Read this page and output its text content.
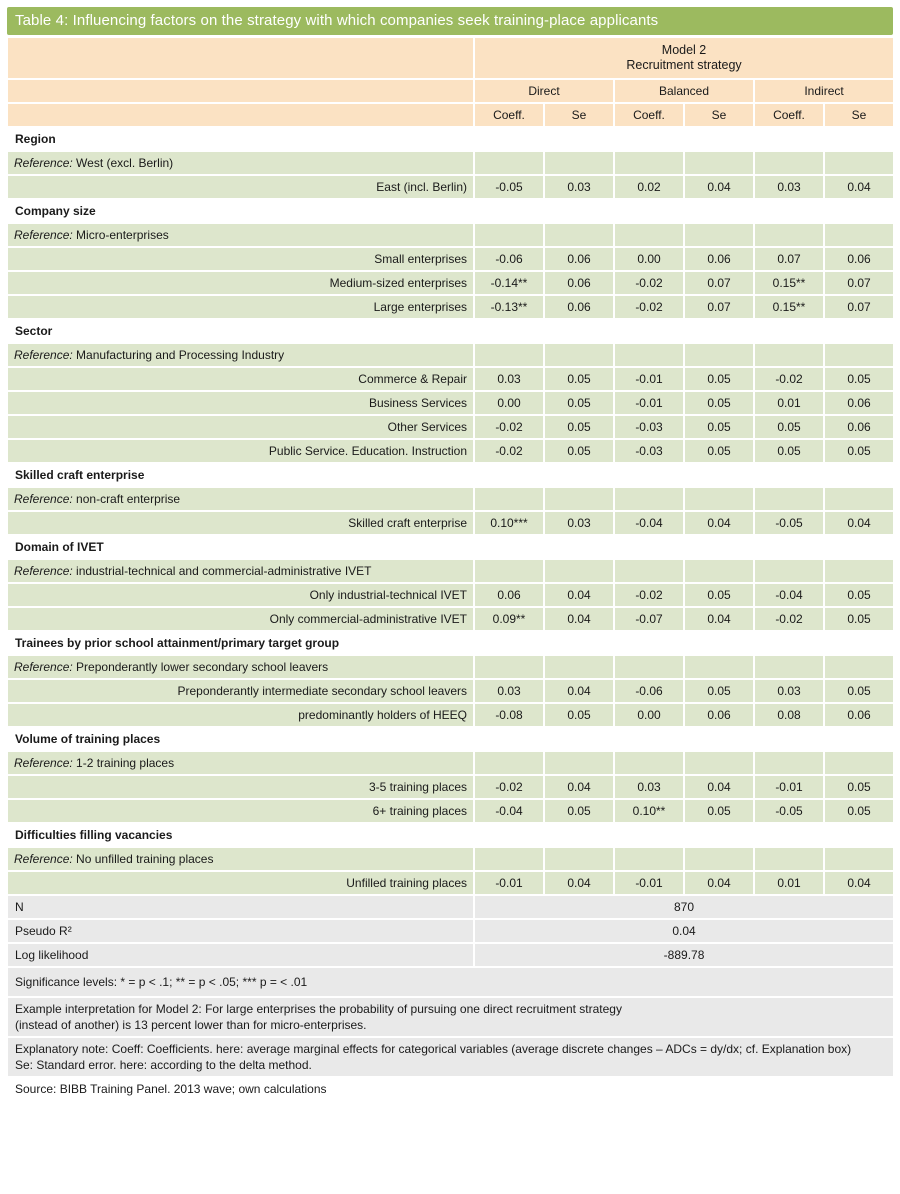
Table 4: Influencing factors on the strategy with which companies seek training-place applicants

	Model 2
Recruitment strategy					

	Direct		Balanced		Indirect	
	Coeff.	Se	Coeff.	Se	Coeff.	Se
Region						
Reference: West (excl. Berlin)						
East (incl. Berlin)	-0.05	0.03	0.02	0.04	0.03	0.04
Company size						
Reference: Micro-enterprises						
Small enterprises	-0.06	0.06	0.00	0.06	0.07	0.06
Medium-sized enterprises	-0.14**	0.06	-0.02	0.07	0.15**	0.07
Large enterprises	-0.13**	0.06	-0.02	0.07	0.15**	0.07
Sector						
Reference: Manufacturing and Processing Industry						
Commerce & Repair	0.03	0.05	-0.01	0.05	-0.02	0.05
Business Services	0.00	0.05	-0.01	0.05	0.01	0.06
Other Services	-0.02	0.05	-0.03	0.05	0.05	0.06
Public Service. Education. Instruction	-0.02	0.05	-0.03	0.05	0.05	0.05
Skilled craft enterprise						
Reference: non-craft enterprise						
Skilled craft enterprise	0.10***	0.03	-0.04	0.04	-0.05	0.04
Domain of IVET						
Reference: industrial-technical and commercial-administrative IVET						
Only industrial-technical IVET	0.06	0.04	-0.02	0.05	-0.04	0.05
Only commercial-administrative IVET	0.09**	0.04	-0.07	0.04	-0.02	0.05
Trainees by prior school attainment/primary target group						
Reference: Preponderantly lower secondary school leavers						
Preponderantly intermediate secondary school leavers	0.03	0.04	-0.06	0.05	0.03	0.05
predominantly holders of HEEQ	-0.08	0.05	0.00	0.06	0.08	0.06
Volume of training places						
Reference: 1-2 training places						
3-5 training places	-0.02	0.04	0.03	0.04	-0.01	0.05
6+ training places	-0.04	0.05	0.10**	0.05	-0.05	0.05
Difficulties filling vacancies						
Reference: No unfilled training places						
Unfilled training places	-0.01	0.04	-0.01	0.04	0.01	0.04
N	870					
Pseudo R²	0.04					
Log likelihood	-889.78					
Significance levels: * = p < .1; ** = p < .05; *** p = < .01						

Example interpretation for Model 2: For large enterprises the probability of pursuing one direct recruitment strategy
(instead of another) is 13 percent lower than for micro-enterprises.						

Explanatory note: Coeff: Coefficients. here: average marginal effects for categorical variables (average discrete changes – ADCs = dy/dx; cf. Explanation box)
Se: Standard error. here: according to the delta method.						

Source: BIBB Training Panel. 2013 wave; own calculations						
